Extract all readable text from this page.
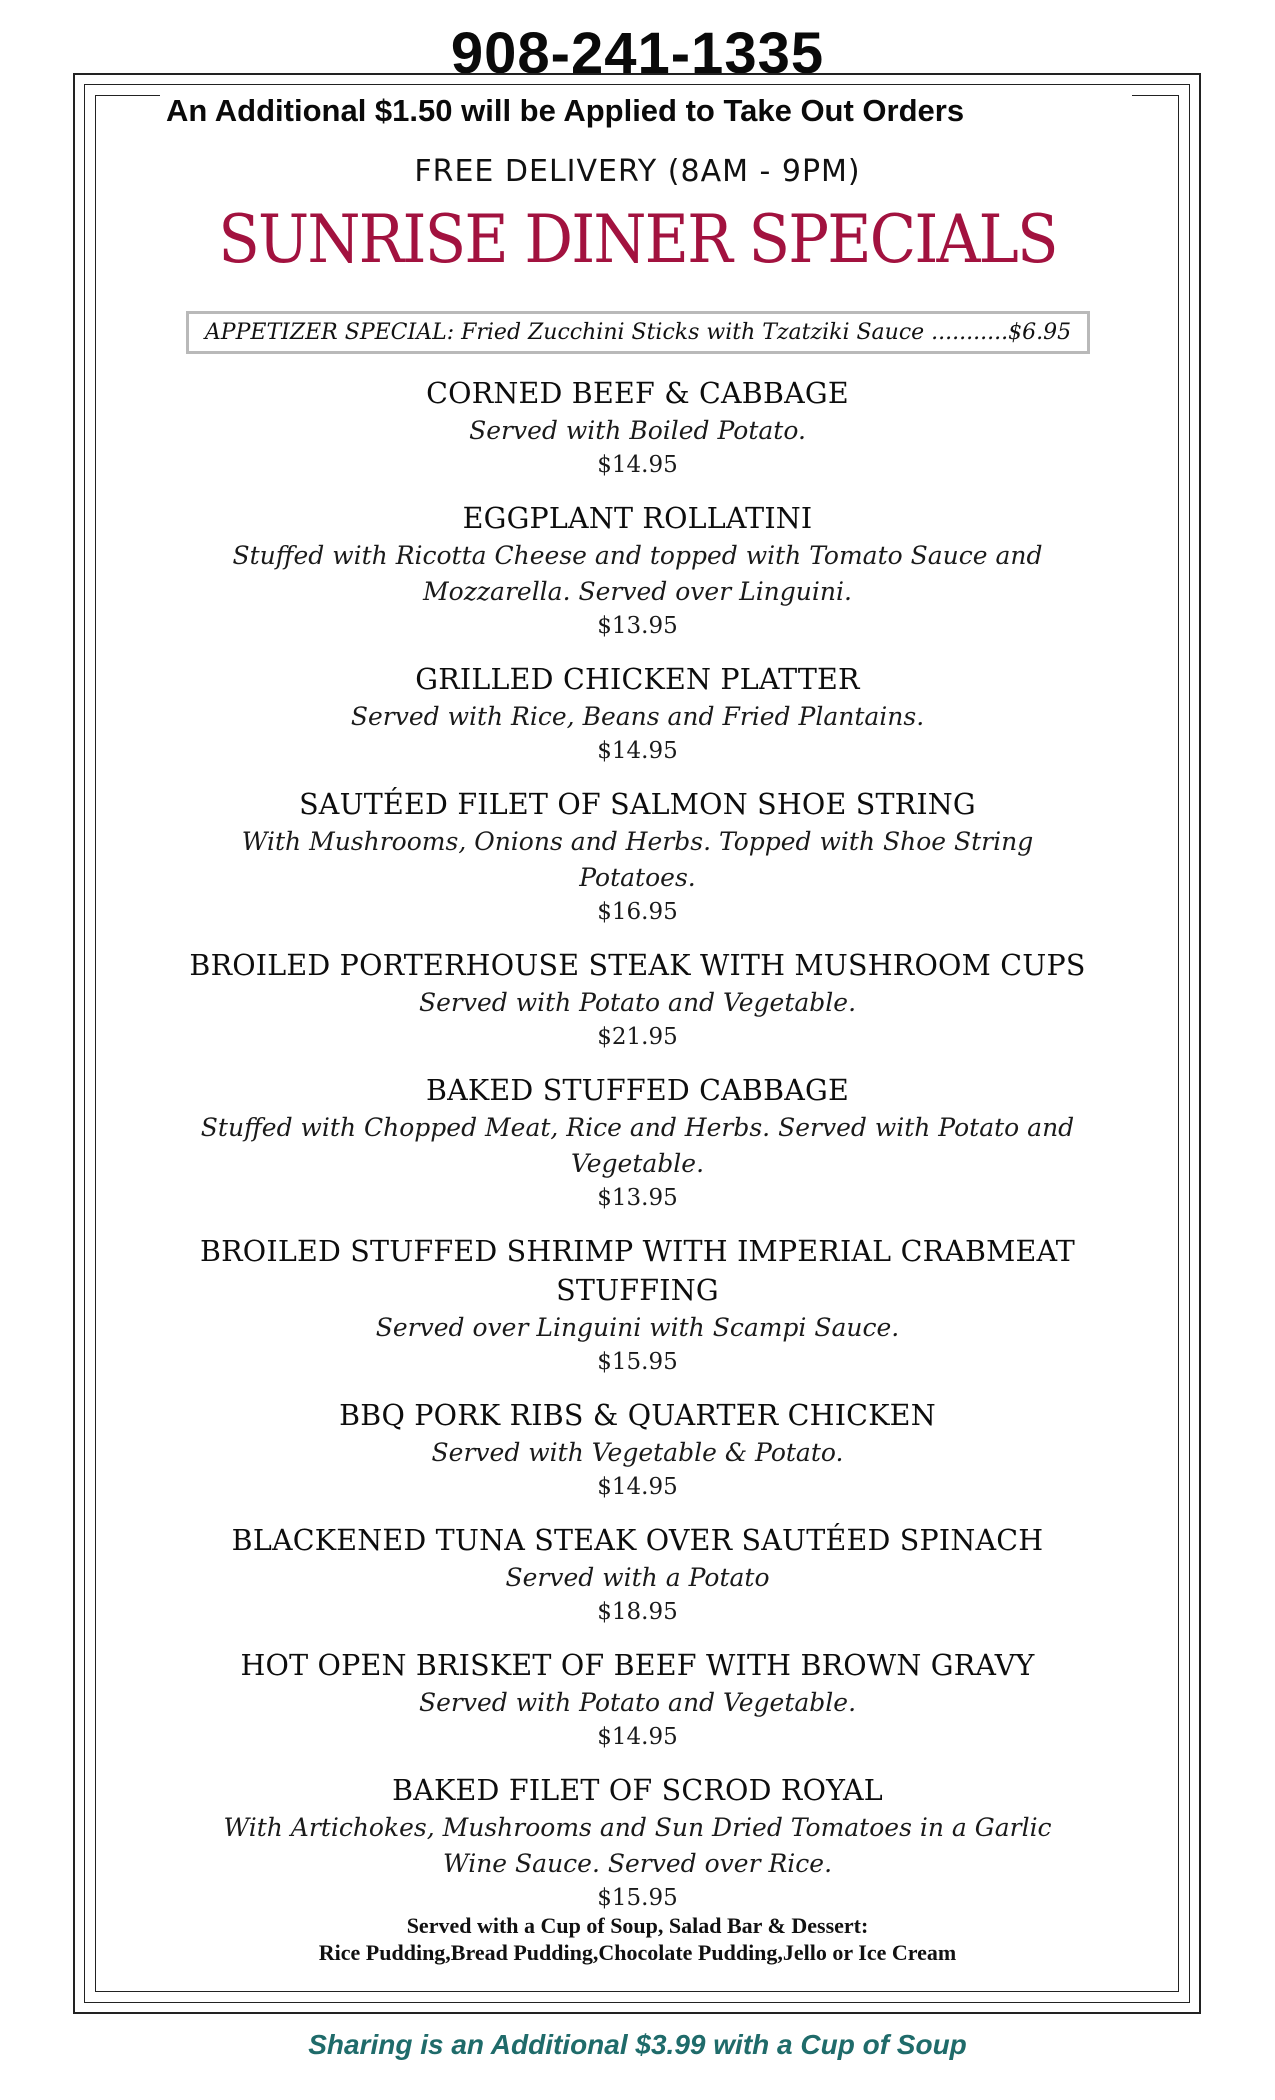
908-241-1335
An Additional $1.50 will be Applied to Take Out Orders
FREE DELIVERY (8AM - 9PM)
SUNRISE DINER SPECIALS
APPETIZER SPECIAL: Fried Zucchini Sticks with Tzatziki Sauce ...........$6.95
CORNED BEEF & CABBAGE
Served with Boiled Potato.
$14.95
EGGPLANT ROLLATINI
Stuffed with Ricotta Cheese and topped with Tomato Sauce and Mozzarella. Served over Linguini.
$13.95
GRILLED CHICKEN PLATTER
Served with Rice, Beans and Fried Plantains.
$14.95
SAUTÉED FILET OF SALMON SHOE STRING
With Mushrooms, Onions and Herbs. Topped with Shoe String Potatoes.
$16.95
BROILED PORTERHOUSE STEAK WITH MUSHROOM CUPS
Served with Potato and Vegetable.
$21.95
BAKED STUFFED CABBAGE
Stuffed with Chopped Meat, Rice and Herbs. Served with Potato and Vegetable.
$13.95
BROILED STUFFED SHRIMP WITH IMPERIAL CRABMEAT STUFFING
Served over Linguini with Scampi Sauce.
$15.95
BBQ PORK RIBS & QUARTER CHICKEN
Served with Vegetable & Potato.
$14.95
BLACKENED TUNA STEAK OVER SAUTÉED SPINACH
Served with a Potato
$18.95
HOT OPEN BRISKET OF BEEF WITH BROWN GRAVY
Served with Potato and Vegetable.
$14.95
BAKED FILET OF SCROD ROYAL
With Artichokes, Mushrooms and Sun Dried Tomatoes in a Garlic Wine Sauce. Served over Rice.
$15.95
Served with a Cup of Soup, Salad Bar & Dessert:
Rice Pudding,Bread Pudding,Chocolate Pudding,Jello or Ice Cream
Sharing is an Additional $3.99 with a Cup of Soup
